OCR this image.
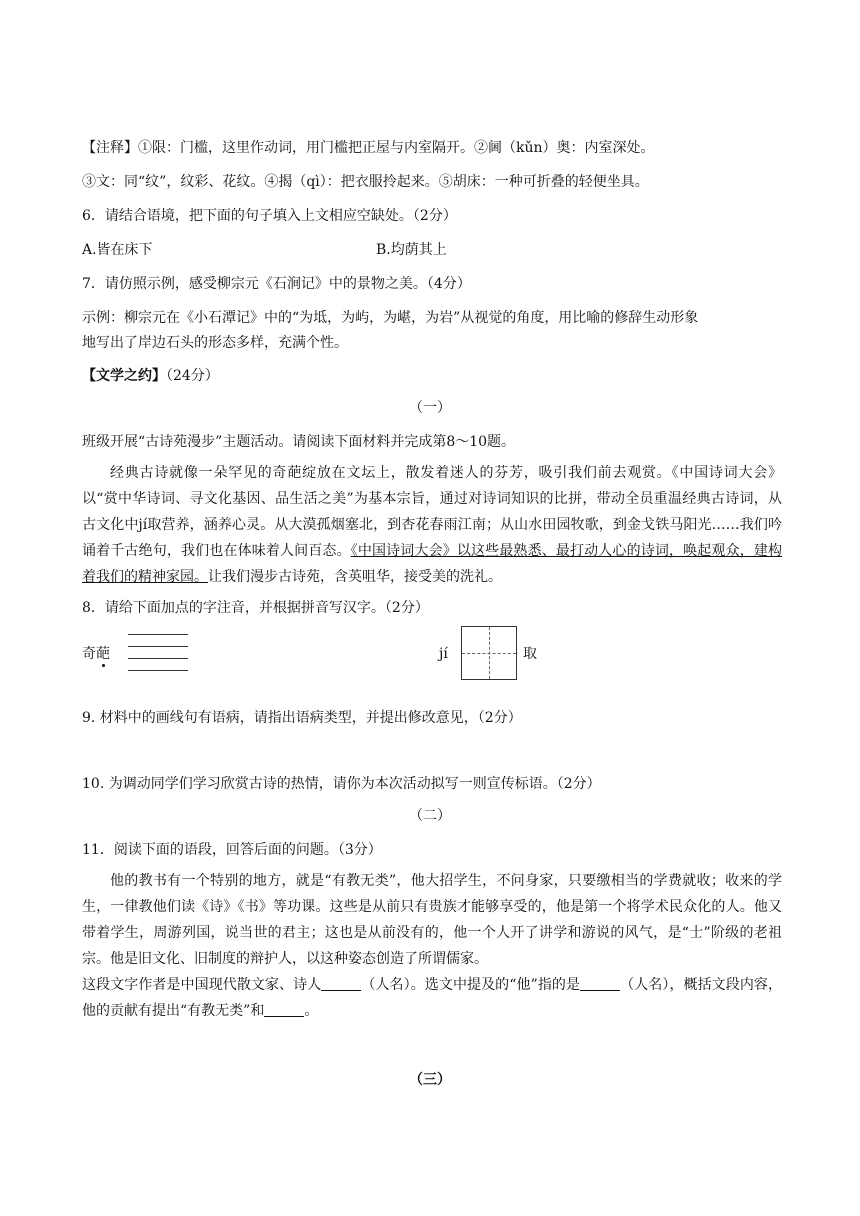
【注释】①限：门槛，这里作动词，用门槛把正屋与内室隔开。②阃（kǔn）奥：内室深处。
③文：同“纹”，纹彩、花纹。④揭（qì）：把衣服拎起来。⑤胡床：一种可折叠的轻便坐具。
6．请结合语境，把下面的句子填入上文相应空缺处。（2分）
A.皆在床下	B.均荫其上
7．请仿照示例，感受柳宗元《石涧记》中的景物之美。（4分）
示例：柳宗元在《小石潭记》中的“为坻，为屿，为嵁，为岩”从视觉的角度，用比喻的修辞生动形象
地写出了岸边石头的形态多样，充满个性。
【文学之约】（24分）
（一）
班级开展“古诗苑漫步”主题活动。请阅读下面材料并完成第8～10题。
经典古诗就像一朵罕见的奇葩绽放在文坛上，散发着迷人的芬芳，吸引我们前去观赏。《中国诗词大会》以“赏中华诗词、寻文化基因、品生活之美”为基本宗旨，通过对诗词知识的比拼，带动全员重温经典古诗词，从古文化中jí取营养，涵养心灵。从大漠孤烟塞北，到杏花春雨江南；从山水田园牧歌，到金戈铁马阳光……我们吟诵着千古绝句，我们也在体味着人间百态。《中国诗词大会》以这些最熟悉、最打动人心的诗词，唤起观众，建构着我们的精神家园。让我们漫步古诗苑，含英咀华，接受美的洗礼。
8．请给下面加点的字注音，并根据拼音写汉字。（2分）
奇葩	jí	取
9. 材料中的画线句有语病，请指出语病类型，并提出修改意见，（2分）
10. 为调动同学们学习欣赏古诗的热情，请你为本次活动拟写一则宣传标语。（2分）
（二）
11．阅读下面的语段，回答后面的问题。（3分）
他的教书有一个特别的地方，就是“有教无类”，他大招学生，不问身家，只要缴相当的学费就收；收来的学生，一律教他们读《诗》《书》等功课。这些是从前只有贵族才能够享受的，他是第一个将学术民众化的人。他又带着学生，周游列国，说当世的君主；这也是从前没有的，他一个人开了讲学和游说的风气，是“士”阶级的老祖宗。他是旧文化、旧制度的辩护人，以这种姿态创造了所谓儒家。
这段文字作者是中国现代散文家、诗人	（人名）。选文中提及的“他”指的是	（人名），概括文段内容，他的贡献有提出“有教无类”和	。
（三）
